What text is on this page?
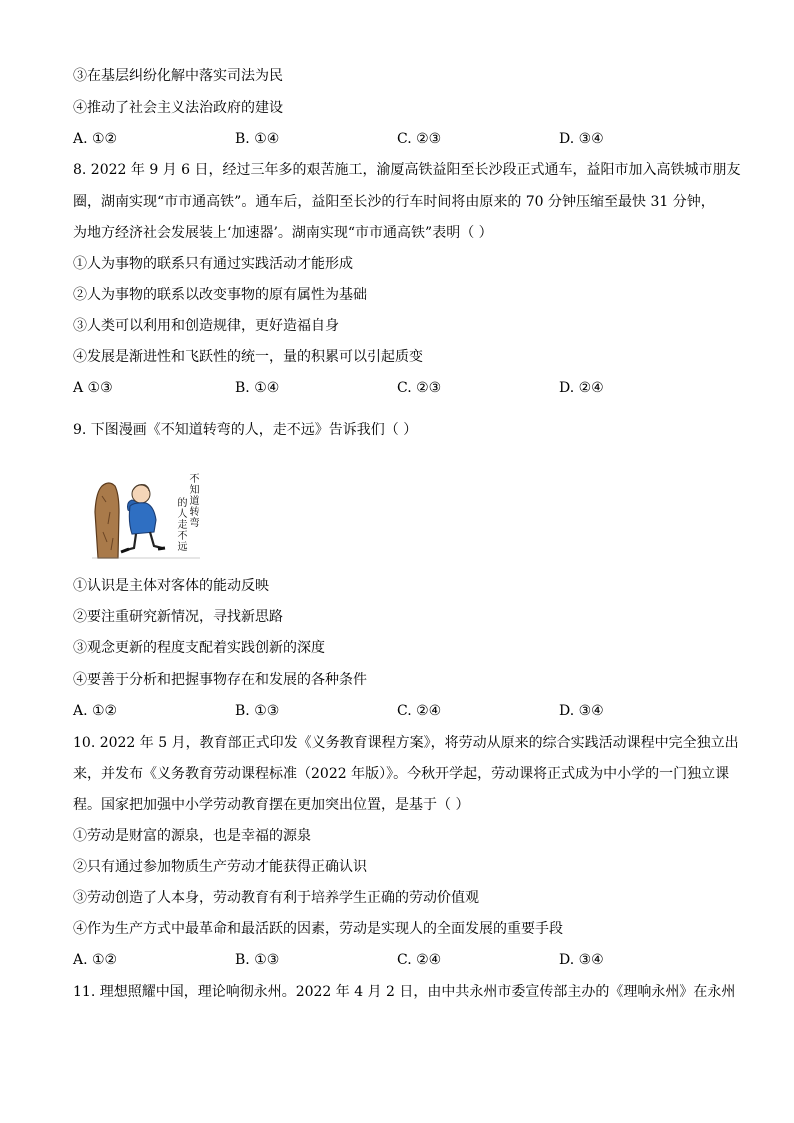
③在基层纠纷化解中落实司法为民
④推动了社会主义法治政府的建设
A. ①②	B. ①④	C. ②③	D. ③④
8. 2022 年 9 月 6 日，经过三年多的艰苦施工，渝厦高铁益阳至长沙段正式通车，益阳市加入高铁城市朋友
圈，湖南实现“市市通高铁”。通车后，益阳至长沙的行车时间将由原来的 70 分钟压缩至最快 31 分钟，
为地方经济社会发展装上‘加速器’。湖南实现“市市通高铁”表明（ ）
①人为事物的联系只有通过实践活动才能形成
②人为事物的联系以改变事物的原有属性为基础
③人类可以利用和创造规律，更好造福自身
④发展是渐进性和飞跃性的统一，量的积累可以引起质变
A ①③	B. ①④	C. ②③	D. ②④
9. 下图漫画《不知道转弯的人，走不远》告诉我们（ ）
不知道转弯
的人走不远
①认识是主体对客体的能动反映
②要注重研究新情况，寻找新思路
③观念更新的程度支配着实践创新的深度
④要善于分析和把握事物存在和发展的各种条件
A. ①②	B. ①③	C. ②④	D. ③④
10. 2022 年 5 月，教育部正式印发《义务教育课程方案》，将劳动从原来的综合实践活动课程中完全独立出
来，并发布《义务教育劳动课程标准（2022 年版）》。今秋开学起，劳动课将正式成为中小学的一门独立课
程。国家把加强中小学劳动教育摆在更加突出位置，是基于（ ）
①劳动是财富的源泉，也是幸福的源泉
②只有通过参加物质生产劳动才能获得正确认识
③劳动创造了人本身，劳动教育有利于培养学生正确的劳动价值观
④作为生产方式中最革命和最活跃的因素，劳动是实现人的全面发展的重要手段
A. ①②	B. ①③	C. ②④	D. ③④
11. 理想照耀中国，理论响彻永州。2022 年 4 月 2 日，由中共永州市委宣传部主办的《理响永州》在永州
